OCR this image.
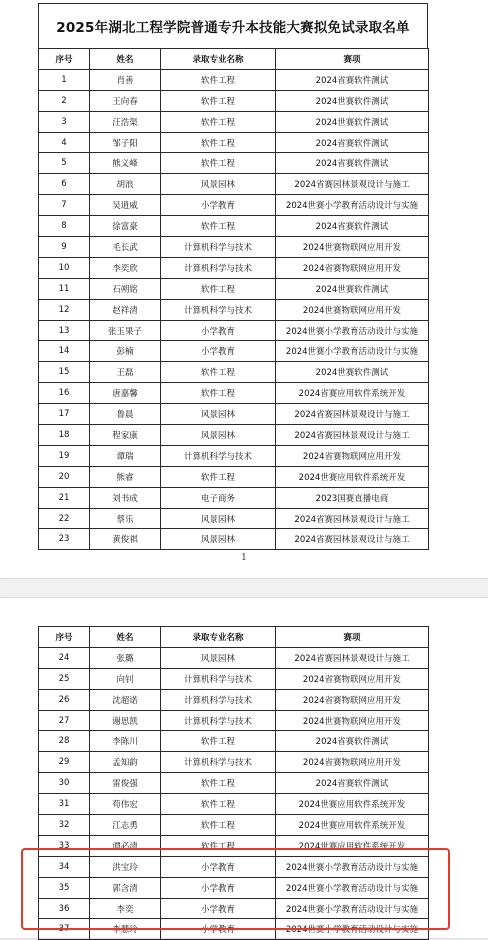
2025年湖北工程学院普通专升本技能大赛拟免试录取名单
序号	姓名	录取专业名称	赛项
1	肖善	软件工程	2024省赛软件测试
2	王向春	软件工程	2024世赛软件测试
3	汪浩渠	软件工程	2024世赛软件测试
4	邹子阳	软件工程	2024省赛软件测试
5	熊义峰	软件工程	2024省赛软件测试
6	胡浪	风景园林	2024省赛园林景观设计与施工
7	吴逍威	小学教育	2024世赛小学教育活动设计与实施
8	徐富豪	软件工程	2024省赛软件测试
9	毛长武	计算机科学与技术	2024世赛物联网应用开发
10	李奕欣	计算机科学与技术	2024省赛物联网应用开发
11	石朔铭	软件工程	2024世赛软件测试
12	赵祥清	计算机科学与技术	2024世赛物联网应用开发
13	张玉果子	小学教育	2024世赛小学教育活动设计与实施
14	彭楠	小学教育	2024世赛小学教育活动设计与实施
15	王磊	软件工程	2024世赛软件测试
16	唐嘉馨	软件工程	2024省赛应用软件系统开发
17	鲁晨	风景园林	2024省赛园林景观设计与施工
18	程家康	风景园林	2024省赛园林景观设计与施工
19	谭瑞	计算机科学与技术	2024省赛物联网应用开发
20	熊睿	软件工程	2024世赛应用软件系统开发
21	刘书成	电子商务	2023国赛直播电商
22	蔡乐	风景园林	2024省赛园林景观设计与施工
23	黄俊祺	风景园林	2024省赛园林景观设计与施工
1
序号	姓名	录取专业名称	赛项
24	张璐	风景园林	2024省赛园林景观设计与施工
25	向钊	计算机科学与技术	2024省赛物联网应用开发
26	沈超诺	计算机科学与技术	2024省赛物联网应用开发
27	谢思凯	计算机科学与技术	2024世赛物联网应用开发
28	李陈川	软件工程	2024省赛软件测试
29	孟知韵	计算机科学与技术	2024省赛物联网应用开发
30	雷俊强	软件工程	2024省赛软件测试
31	苟伟宏	软件工程	2024世赛应用软件系统开发
32	江志勇	软件工程	2024世赛应用软件系统开发
33	谭必清	软件工程	2024世赛应用软件系统开发
34	洪宝玲	小学教育	2024世赛小学教育活动设计与实施
35	郭含清	小学教育	2024世赛小学教育活动设计与实施
36	李奕	小学教育	2024世赛小学教育活动设计与实施
37	李慧玲	小学教育	2024世赛小学教育活动设计与实施
